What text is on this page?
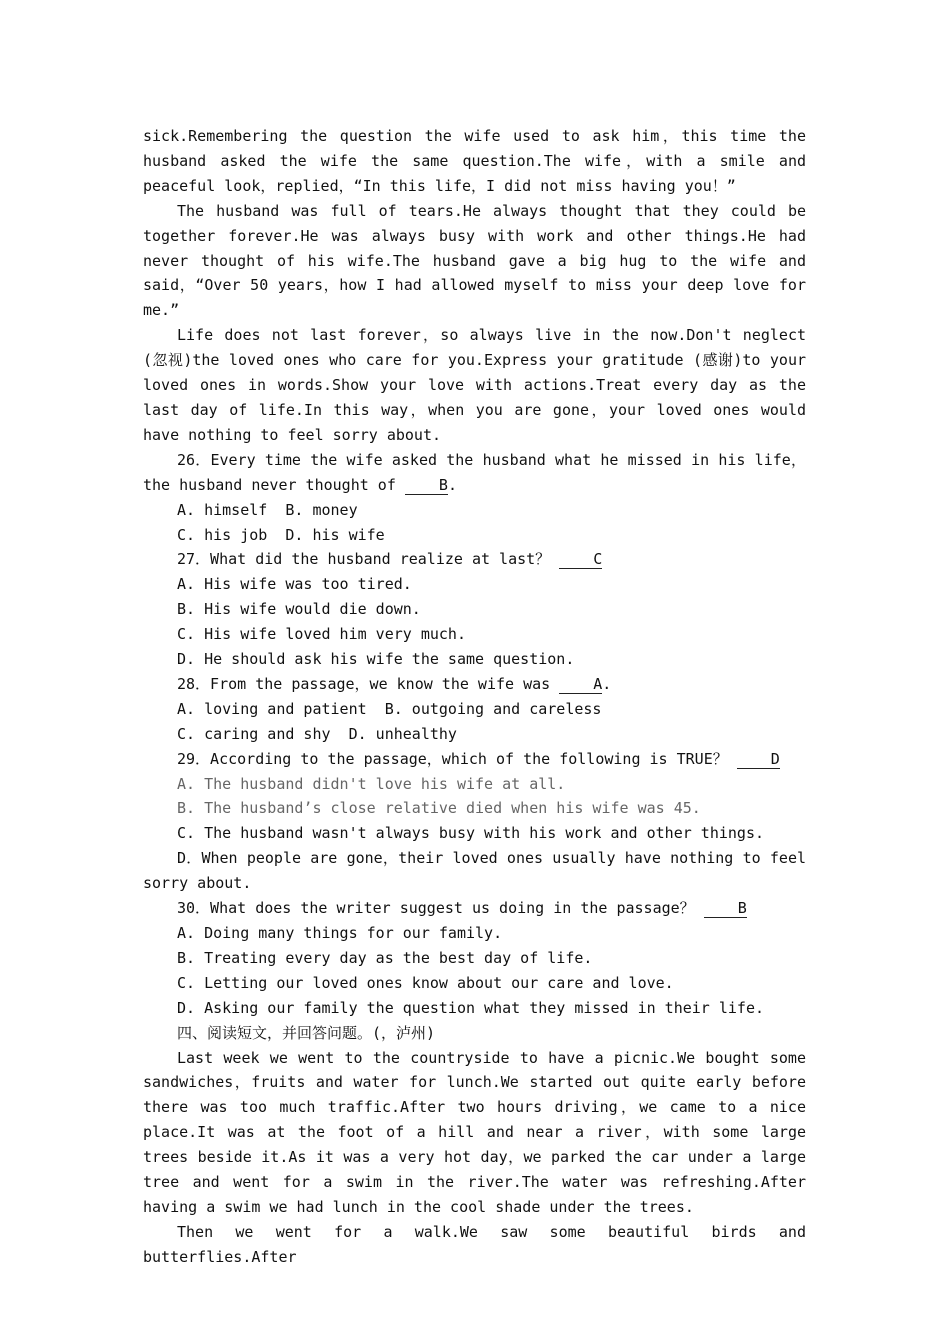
sick.Remembering the question the wife used to ask him，this time the husband asked the wife the same question.The wife，with a smile and peaceful look，replied，“In this life，I did not miss having you！”

The husband was full of tears.He always thought that they could be together forever.He was always busy with work and other things.He had never thought of his wife.The husband gave a big hug to the wife and said，“Over 50 years，how I had allowed myself to miss your deep love for me.”

Life does not last forever，so always live in the now.Don't neglect (忽视)the loved ones who care for you.Express your gratitude (感谢)to your loved ones in words.Show your love with actions.Treat every day as the last day of life.In this way，when you are gone，your loved ones would have nothing to feel sorry about.

26．Every time the wife asked the husband what he missed in his life，the husband never thought of	B.

A. himself  B. money

C. his job  D. his wife

27．What did the husband realize at last？	C

A. His wife was too tired.

B. His wife would die down.

C. His wife loved him very much.

D. He should ask his wife the same question.

28．From the passage，we know the wife was	A.

A. loving and patient  B. outgoing and careless

C. caring and shy  D. unhealthy

29．According to the passage，which of the following is TRUE？	D

A. The husband didn't love his wife at all.

B. The husband’s close relative died when his wife was 45.

C. The husband wasn't always busy with his work and other things.

D．When people are gone，their loved ones usually have nothing to feel sorry about.

30．What does the writer suggest us doing in the passage？	B

A. Doing many things for our family.

B. Treating every day as the best day of life.

C. Letting our loved ones know about our care and love.

D. Asking our family the question what they missed in their life.

四、阅读短文，并回答问题。(，泸州)

Last week we went to the countryside to have a picnic.We bought some sandwiches，fruits and water for lunch.We started out quite early before there was too much traffic.After two hours driving，we came to a nice place.It was at the foot of a hill and near a river，with some large trees beside it.As it was a very hot day，we parked the car under a large tree and went for a swim in the river.The water was refreshing.After having a swim we had lunch in the cool shade under the trees.

Then we went for a walk.We saw some beautiful birds and butterflies.After
